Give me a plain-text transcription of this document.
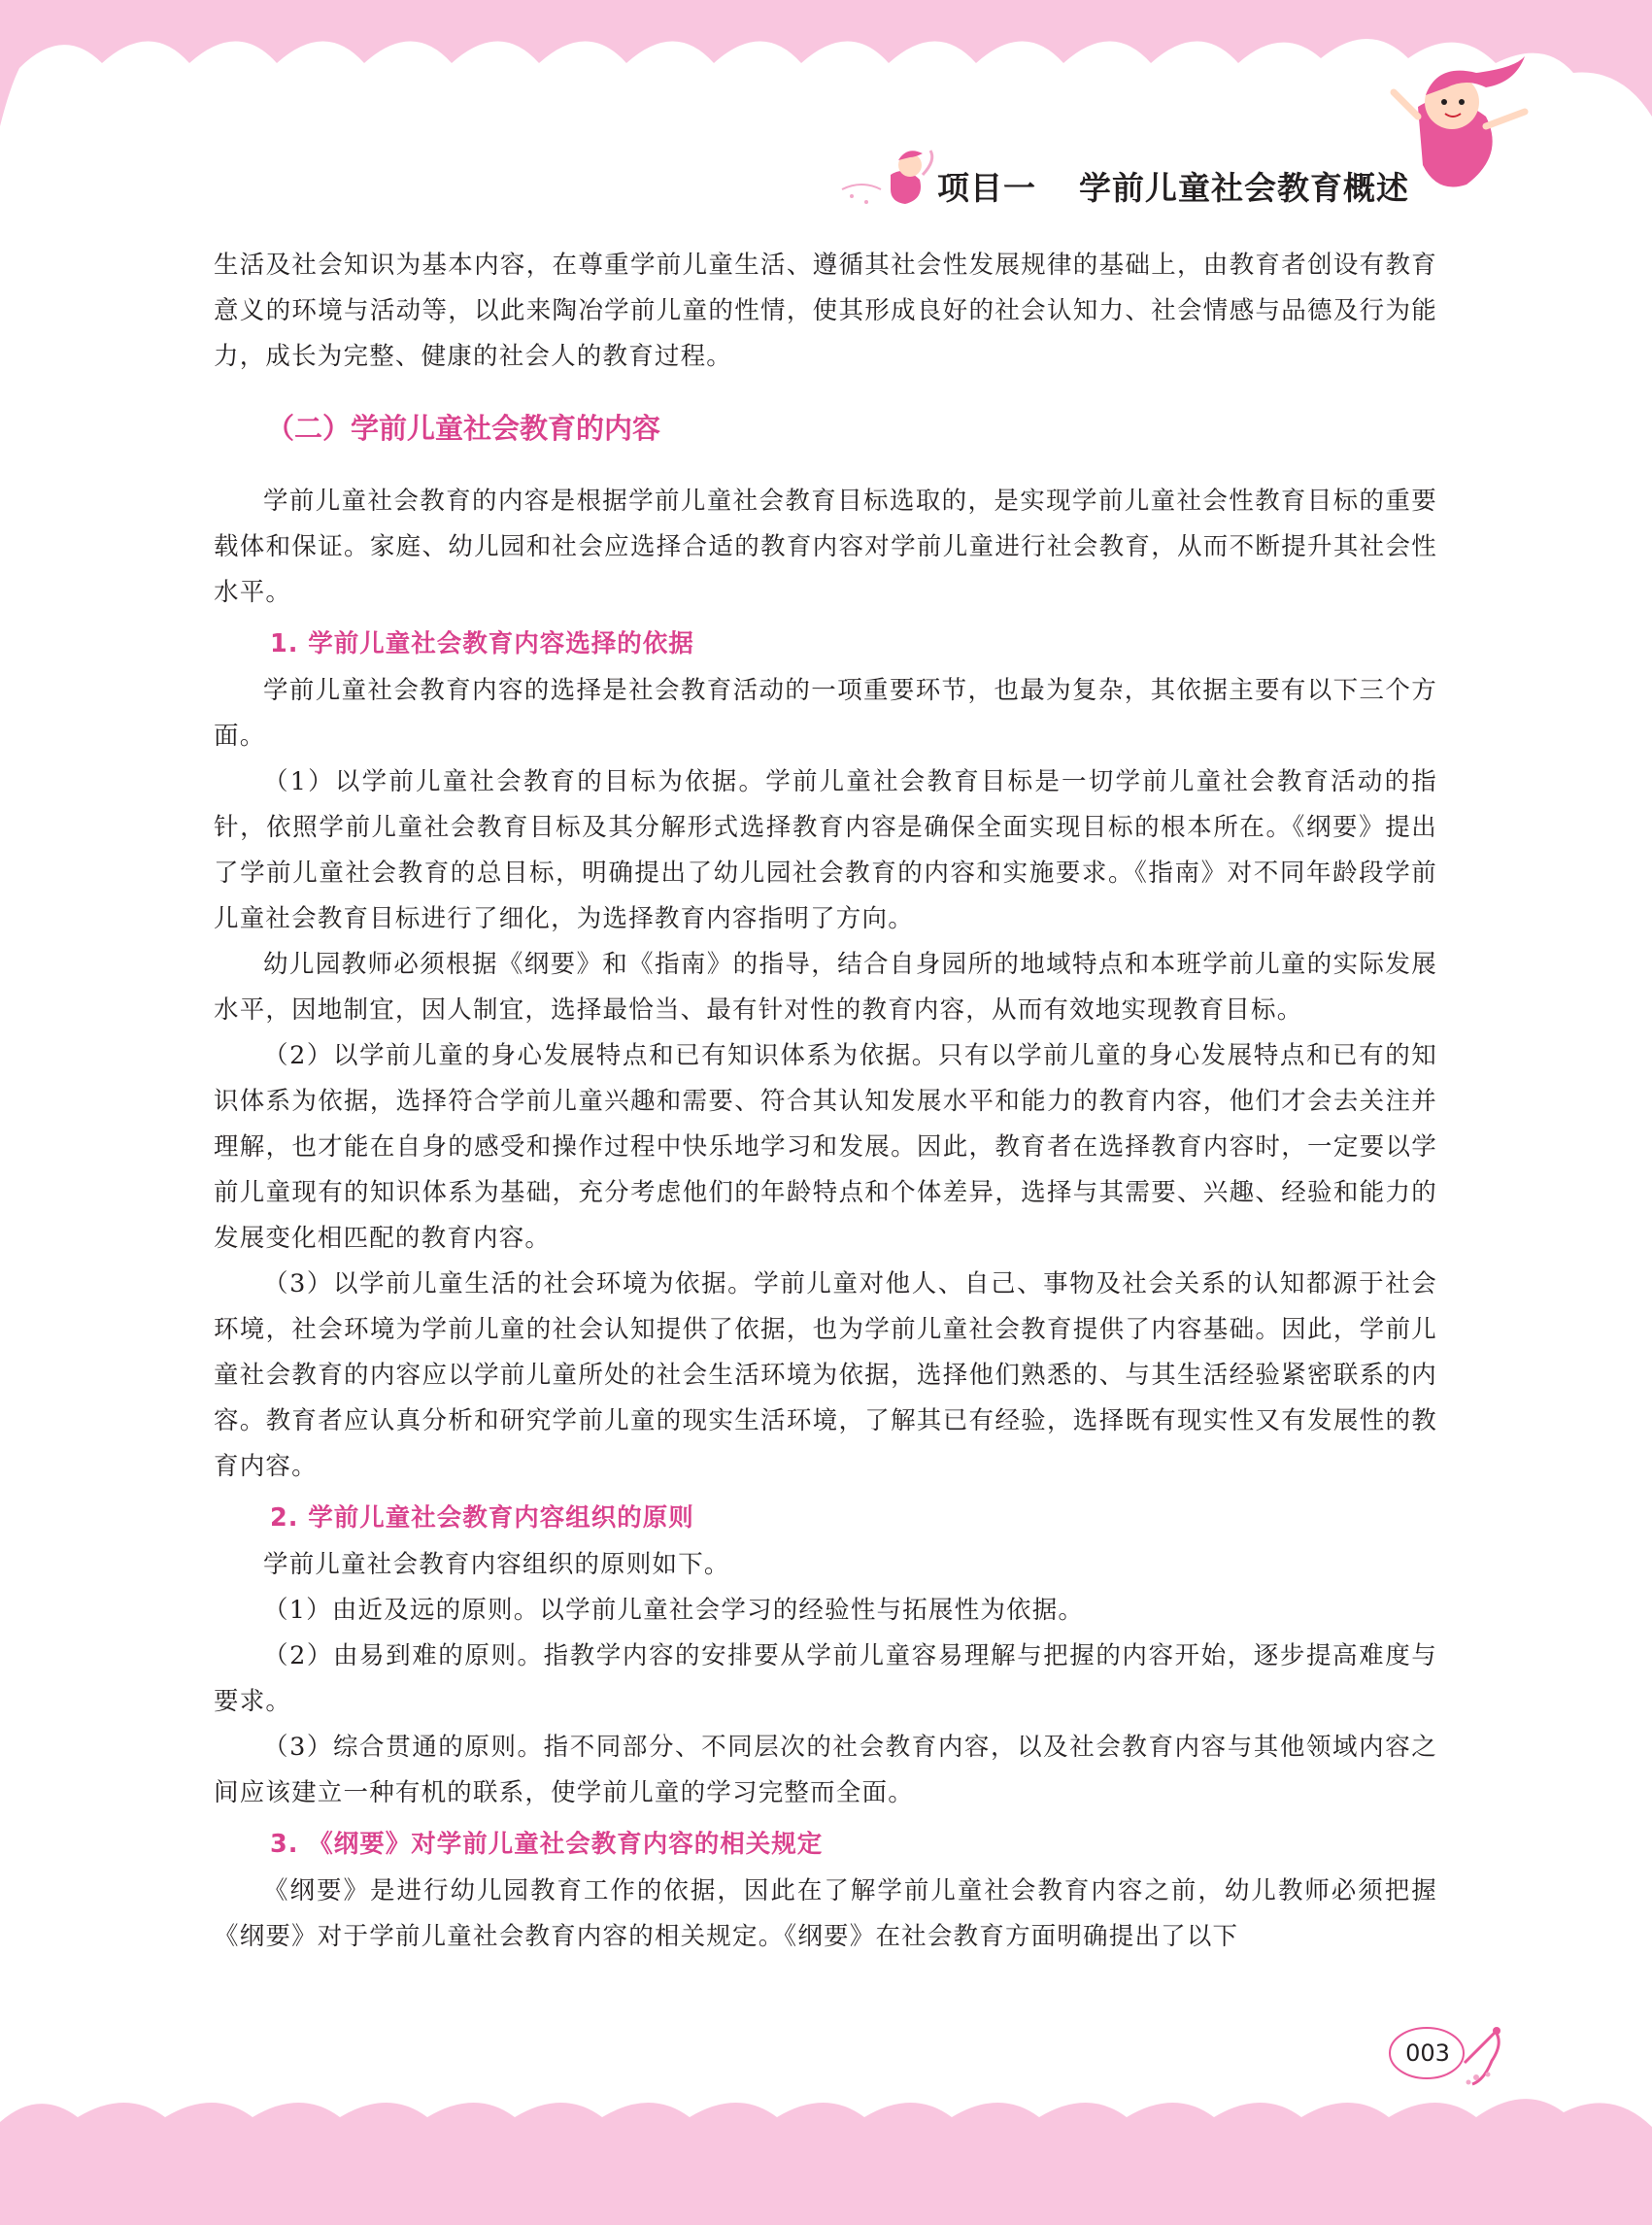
项目一 学前儿童社会教育概述
生活及社会知识为基本内容，在尊重学前儿童生活、遵循其社会性发展规律的基础上，由教育者创设有教育意义的环境与活动等，以此来陶冶学前儿童的性情，使其形成良好的社会认知力、社会情感与品德及行为能力，成长为完整、健康的社会人的教育过程。
（二）学前儿童社会教育的内容
学前儿童社会教育的内容是根据学前儿童社会教育目标选取的，是实现学前儿童社会性教育目标的重要载体和保证。家庭、幼儿园和社会应选择合适的教育内容对学前儿童进行社会教育，从而不断提升其社会性水平。
1. 学前儿童社会教育内容选择的依据
学前儿童社会教育内容的选择是社会教育活动的一项重要环节，也最为复杂，其依据主要有以下三个方面。
（1）以学前儿童社会教育的目标为依据。学前儿童社会教育目标是一切学前儿童社会教育活动的指针，依照学前儿童社会教育目标及其分解形式选择教育内容是确保全面实现目标的根本所在。《纲要》提出了学前儿童社会教育的总目标，明确提出了幼儿园社会教育的内容和实施要求。《指南》对不同年龄段学前儿童社会教育目标进行了细化，为选择教育内容指明了方向。
幼儿园教师必须根据《纲要》和《指南》的指导，结合自身园所的地域特点和本班学前儿童的实际发展水平，因地制宜，因人制宜，选择最恰当、最有针对性的教育内容，从而有效地实现教育目标。
（2）以学前儿童的身心发展特点和已有知识体系为依据。只有以学前儿童的身心发展特点和已有的知识体系为依据，选择符合学前儿童兴趣和需要、符合其认知发展水平和能力的教育内容，他们才会去关注并理解，也才能在自身的感受和操作过程中快乐地学习和发展。因此，教育者在选择教育内容时，一定要以学前儿童现有的知识体系为基础，充分考虑他们的年龄特点和个体差异，选择与其需要、兴趣、经验和能力的发展变化相匹配的教育内容。
（3）以学前儿童生活的社会环境为依据。学前儿童对他人、自己、事物及社会关系的认知都源于社会环境，社会环境为学前儿童的社会认知提供了依据，也为学前儿童社会教育提供了内容基础。因此，学前儿童社会教育的内容应以学前儿童所处的社会生活环境为依据，选择他们熟悉的、与其生活经验紧密联系的内容。教育者应认真分析和研究学前儿童的现实生活环境，了解其已有经验，选择既有现实性又有发展性的教育内容。
2. 学前儿童社会教育内容组织的原则
学前儿童社会教育内容组织的原则如下。
（1）由近及远的原则。以学前儿童社会学习的经验性与拓展性为依据。
（2）由易到难的原则。指教学内容的安排要从学前儿童容易理解与把握的内容开始，逐步提高难度与要求。
（3）综合贯通的原则。指不同部分、不同层次的社会教育内容，以及社会教育内容与其他领域内容之间应该建立一种有机的联系，使学前儿童的学习完整而全面。
3. 《纲要》对学前儿童社会教育内容的相关规定
《纲要》是进行幼儿园教育工作的依据，因此在了解学前儿童社会教育内容之前，幼儿教师必须把握《纲要》对于学前儿童社会教育内容的相关规定。《纲要》在社会教育方面明确提出了以下
003
